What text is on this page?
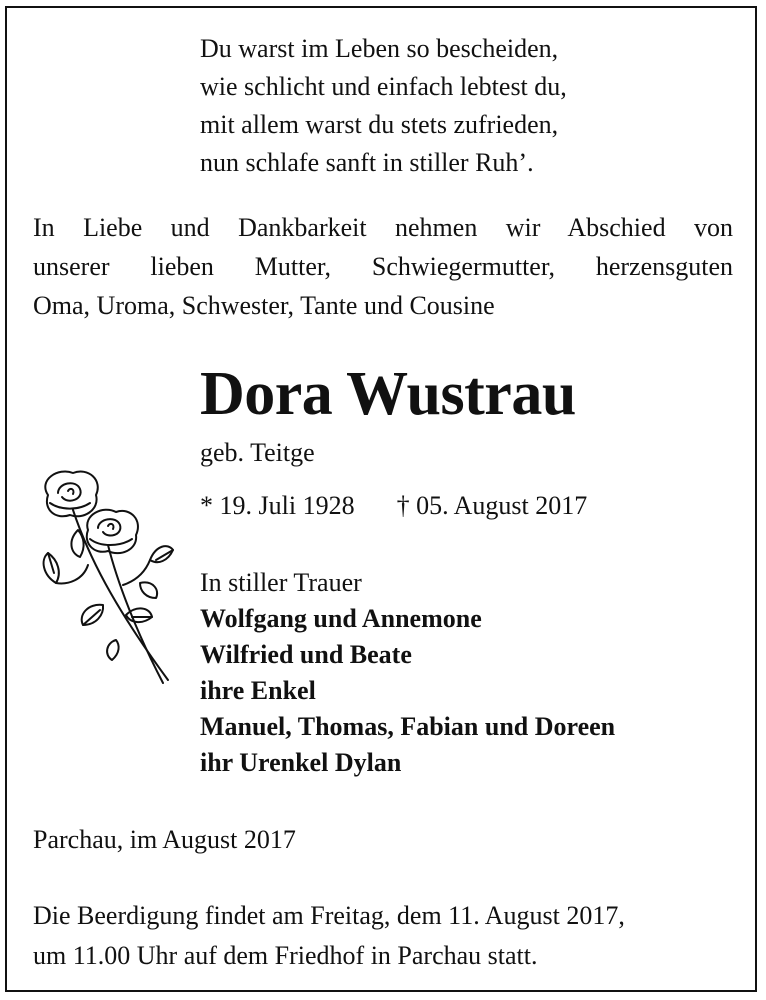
Du warst im Leben so bescheiden,
wie schlicht und einfach lebtest du,
mit allem warst du stets zufrieden,
nun schlafe sanft in stiller Ruh’.
In Liebe und Dankbarkeit nehmen wir Abschied von
unserer lieben Mutter, Schwiegermutter, herzensguten
Oma, Uroma, Schwester, Tante und Cousine
Dora Wustrau
geb. Teitge
* 19. Juli 1928 † 05. August 2017
In stiller Trauer
Wolfgang und Annemone
Wilfried und Beate
ihre Enkel
Manuel, Thomas, Fabian und Doreen
ihr Urenkel Dylan
Parchau, im August 2017
Die Beerdigung findet am Freitag, dem 11. August 2017,
um 11.00 Uhr auf dem Friedhof in Parchau statt.
